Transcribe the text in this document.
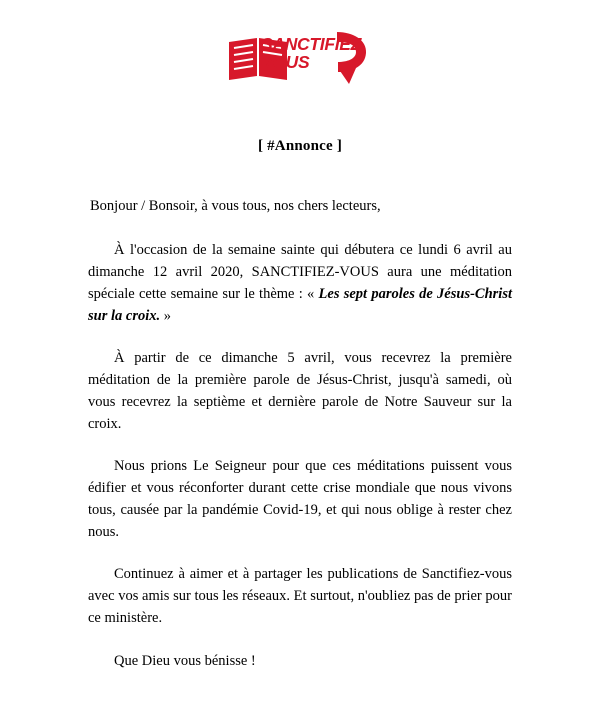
SANCTIFIEZ
VOUS
[ #Annonce ]

Bonjour / Bonsoir, à vous tous, nos chers lecteurs,

À l'occasion de la semaine sainte qui débutera ce lundi 6 avril au dimanche 12 avril 2020, SANCTIFIEZ-VOUS aura une méditation spéciale cette semaine sur le thème : « Les sept paroles de Jésus-Christ sur la croix. »

À partir de ce dimanche 5 avril, vous recevrez la première méditation de la première parole de Jésus-Christ, jusqu'à samedi, où vous recevrez la septième et dernière parole de Notre Sauveur sur la croix.

Nous prions Le Seigneur pour que ces méditations puissent vous édifier et vous réconforter durant cette crise mondiale que nous vivons tous, causée par la pandémie Covid-19, et qui nous oblige à rester chez nous.

Continuez à aimer et à partager les publications de Sanctifiez-vous avec vos amis sur tous les réseaux. Et surtout, n'oubliez pas de prier pour ce ministère.

Que Dieu vous bénisse !
